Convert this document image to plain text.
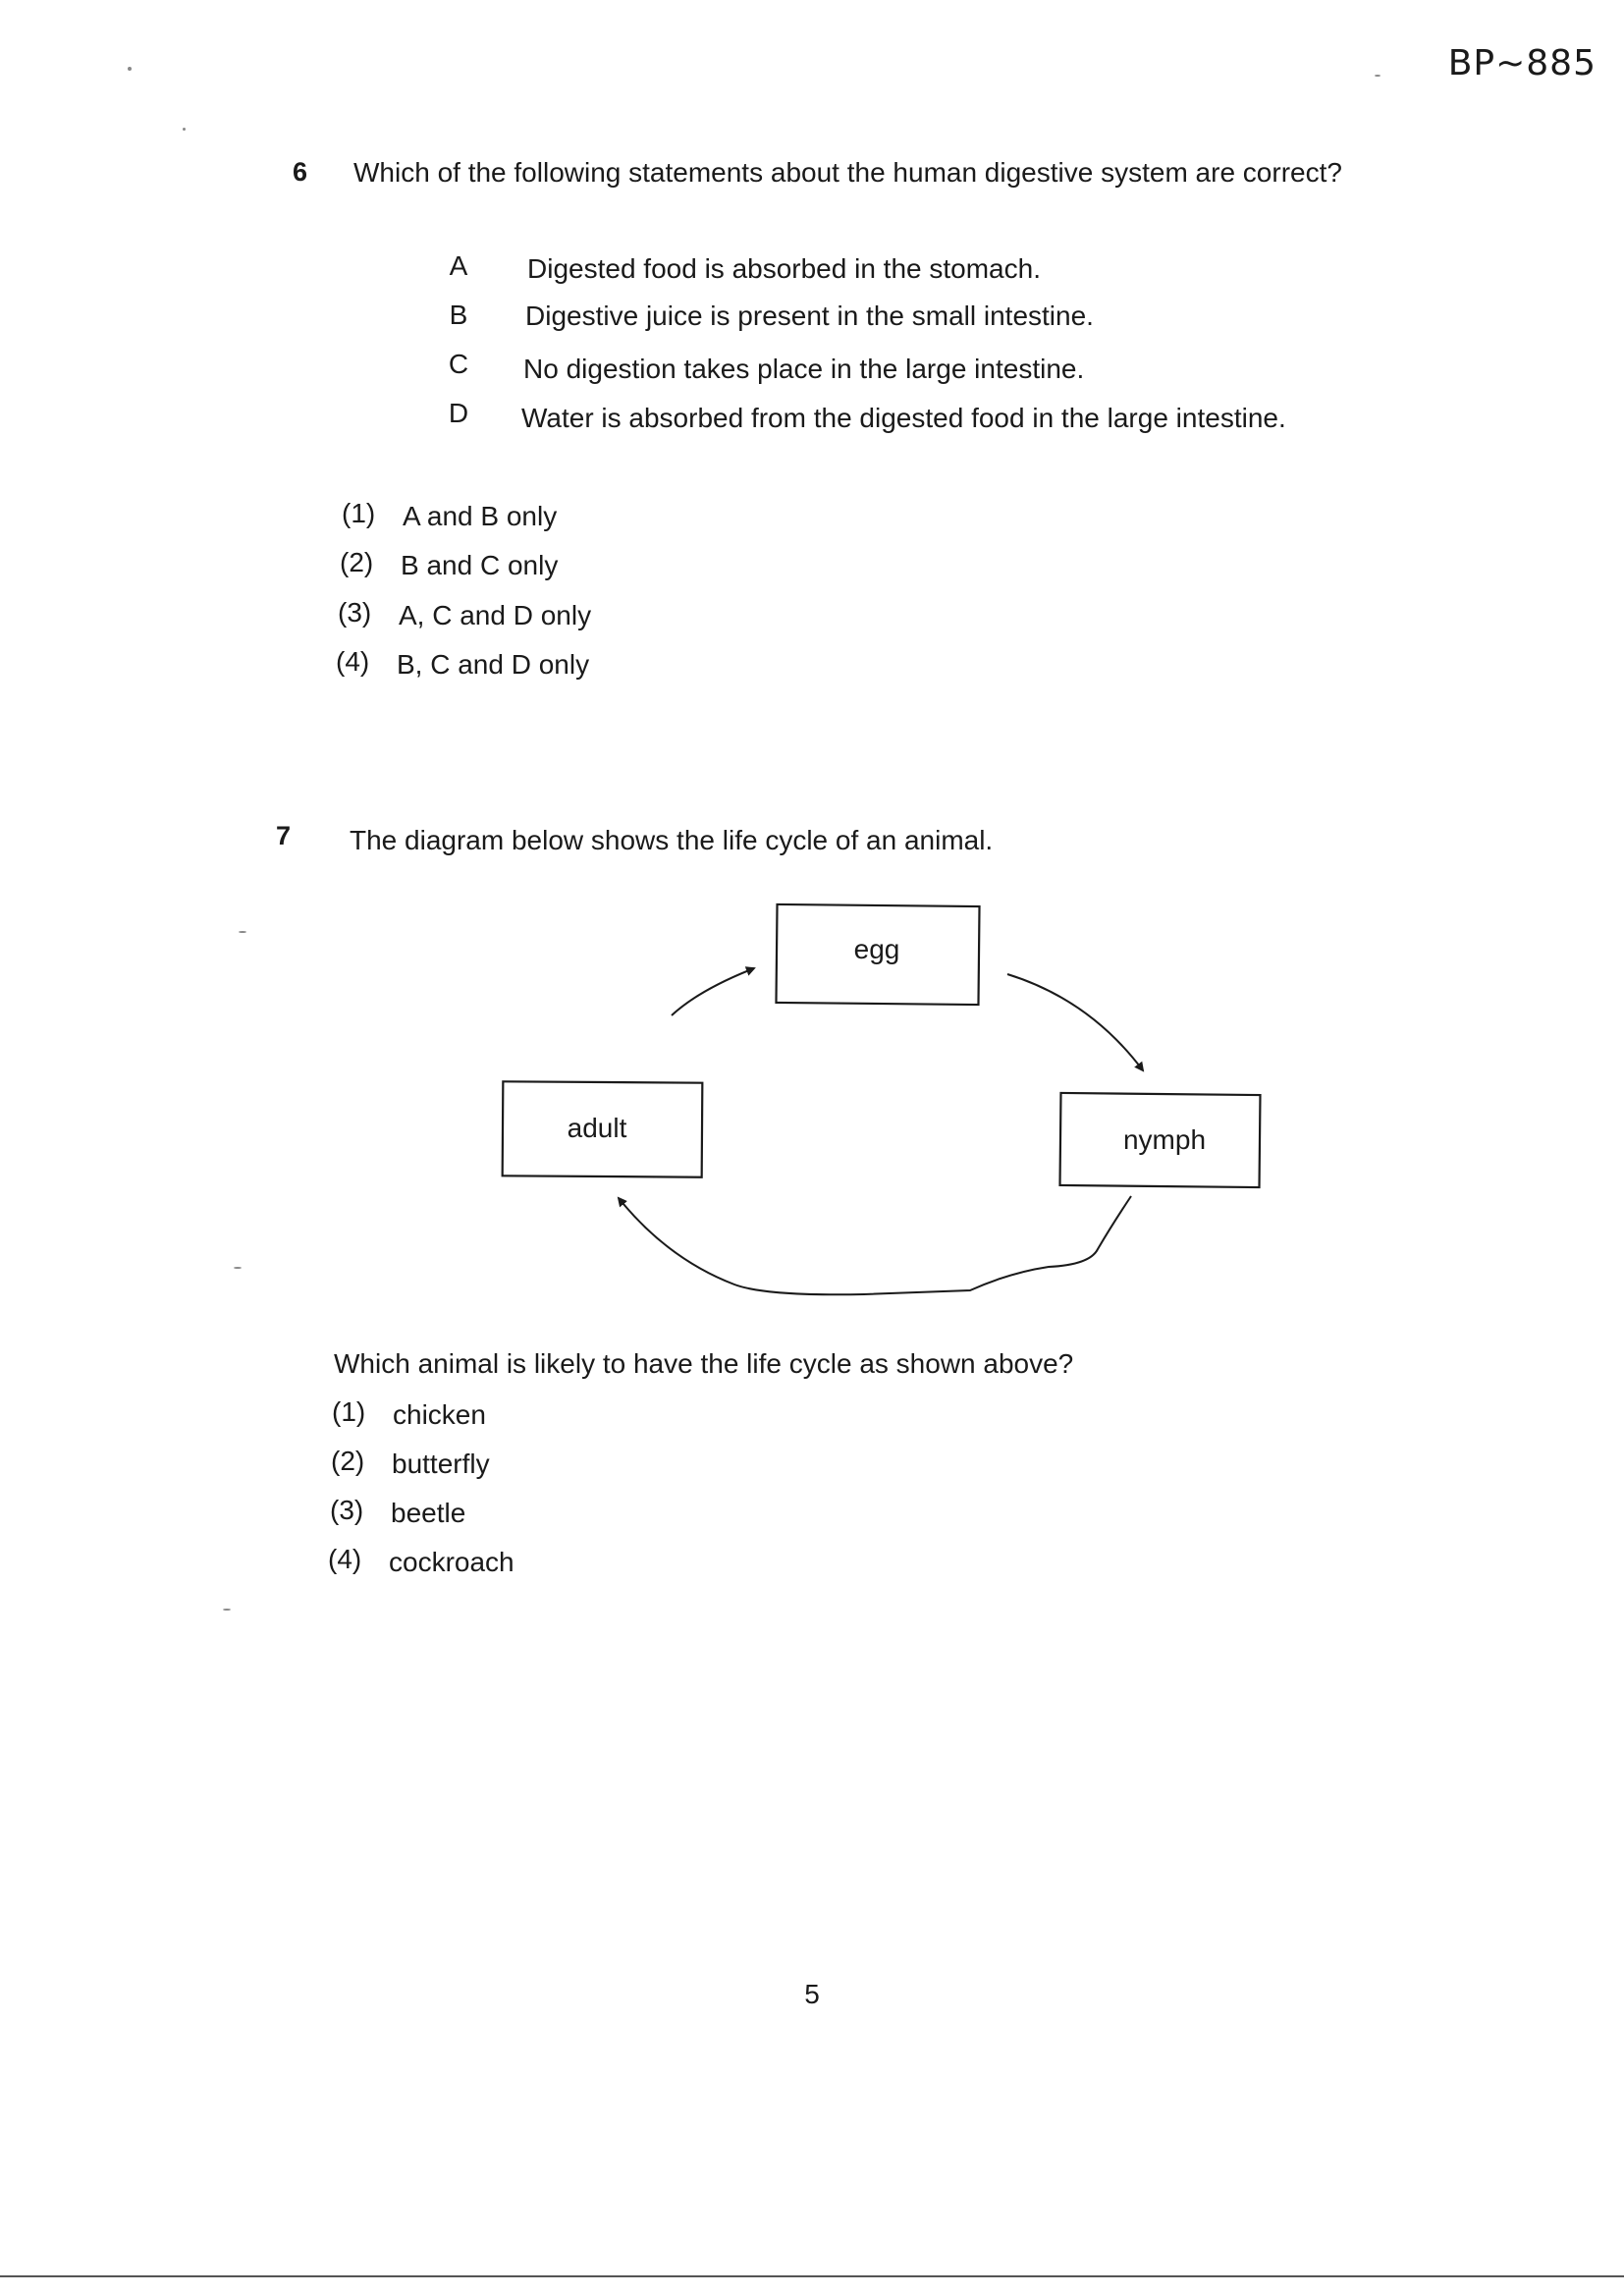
BP~885
6 Which of the following statements about the human digestive system are correct?
A Digested food is absorbed in the stomach.
B Digestive juice is present in the small intestine.
C No digestion takes place in the large intestine.
D Water is absorbed from the digested food in the large intestine.
(1) A and B only
(2) B and C only
(3) A, C and D only
(4) B, C and D only
7 The diagram below shows the life cycle of an animal.
egg
nymph
adult
Which animal is likely to have the life cycle as shown above?
(1) chicken
(2) butterfly
(3) beetle
(4) cockroach
5
